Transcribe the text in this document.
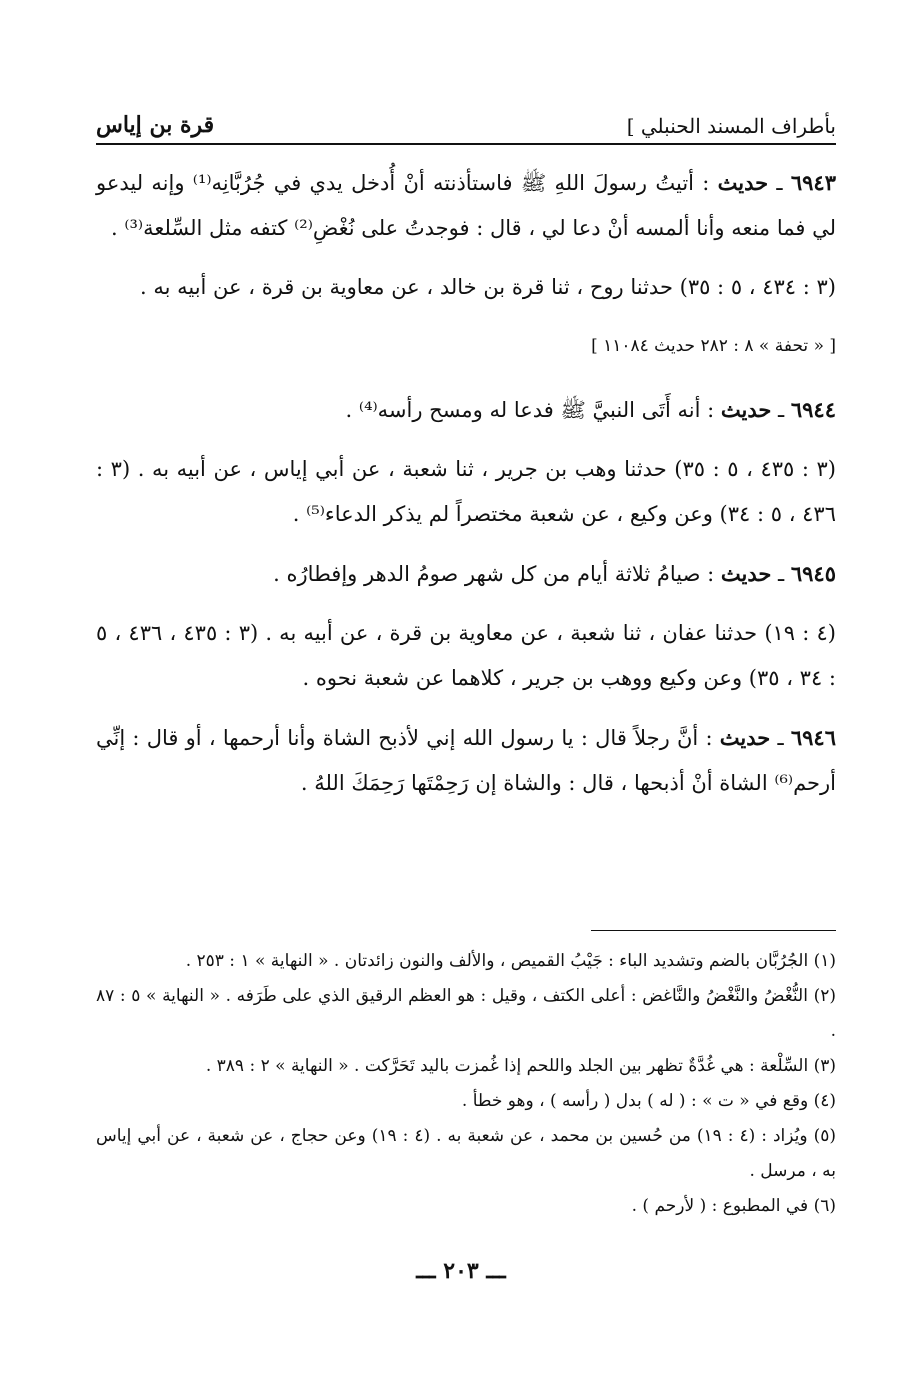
بأطراف المسند الحنبلي ]
قرة بن إياس

٦٩٤٣ ـ حديث : أتيتُ رسولَ اللهِ ﷺ فاستأذنته أنْ أُدخل يدي في جُرُبَّانِه⁽¹⁾ وإنه ليدعو لي فما منعه وأنا ألمسه أنْ دعا لي ، قال : فوجدتُ على نُغْضِ⁽²⁾ كتفه مثل السِّلعة⁽³⁾ .

(٣ : ٤٣٤ ، ٥ : ٣٥) حدثنا روح ، ثنا قرة بن خالد ، عن معاوية بن قرة ، عن أبيه به .

[ « تحفة » ٨ : ٢٨٢ حديث ١١٠٨٤ ]

٦٩٤٤ ـ حديث : أنه أَتَى النبيَّ ﷺ فدعا له ومسح رأسه⁽⁴⁾ .

(٣ : ٤٣٥ ، ٥ : ٣٥) حدثنا وهب بن جرير ، ثنا شعبة ، عن أبي إياس ، عن أبيه به . (٣ : ٤٣٦ ، ٥ : ٣٤) وعن وكيع ، عن شعبة مختصراً لم يذكر الدعاء⁽⁵⁾ .

٦٩٤٥ ـ حديث : صيامُ ثلاثة أيام من كل شهر صومُ الدهر وإفطارُه .

(٤ : ١٩) حدثنا عفان ، ثنا شعبة ، عن معاوية بن قرة ، عن أبيه به . (٣ : ٤٣٥ ، ٤٣٦ ، ٥ : ٣٤ ، ٣٥) وعن وكيع ووهب بن جرير ، كلاهما عن شعبة نحوه .

٦٩٤٦ ـ حديث : أنَّ رجلاً قال : يا رسول الله إني لأذبح الشاة وأنا أرحمها ، أو قال : إنِّي أرحم⁽⁶⁾ الشاة أنْ أذبحها ، قال : والشاة إن رَحِمْتَها رَحِمَكَ اللهُ .

(١) الجُرُبَّان بالضم وتشديد الباء : جَيْبُ القميص ، والألف والنون زائدتان . « النهاية » ١ : ٢٥٣ .

(٢) النُّغْضُ والنَّغْضُ والنَّاغض : أعلى الكتف ، وقيل : هو العظم الرقيق الذي على طَرَفه . « النهاية » ٥ : ٨٧ .

(٣) السِّلْعة : هي غُدَّةٌ تظهر بين الجلد واللحم إذا غُمزت باليد تَحَرَّكت . « النهاية » ٢ : ٣٨٩ .

(٤) وقع في « ت » : ( له ) بدل ( رأسه ) ، وهو خطأ .

(٥) ويُزاد : (٤ : ١٩) من حُسين بن محمد ، عن شعبة به . (٤ : ١٩) وعن حجاج ، عن شعبة ، عن أبي إياس به ، مرسل .

(٦) في المطبوع : ( لأرحم ) .

ـــ ٢٠٣ ـــ
